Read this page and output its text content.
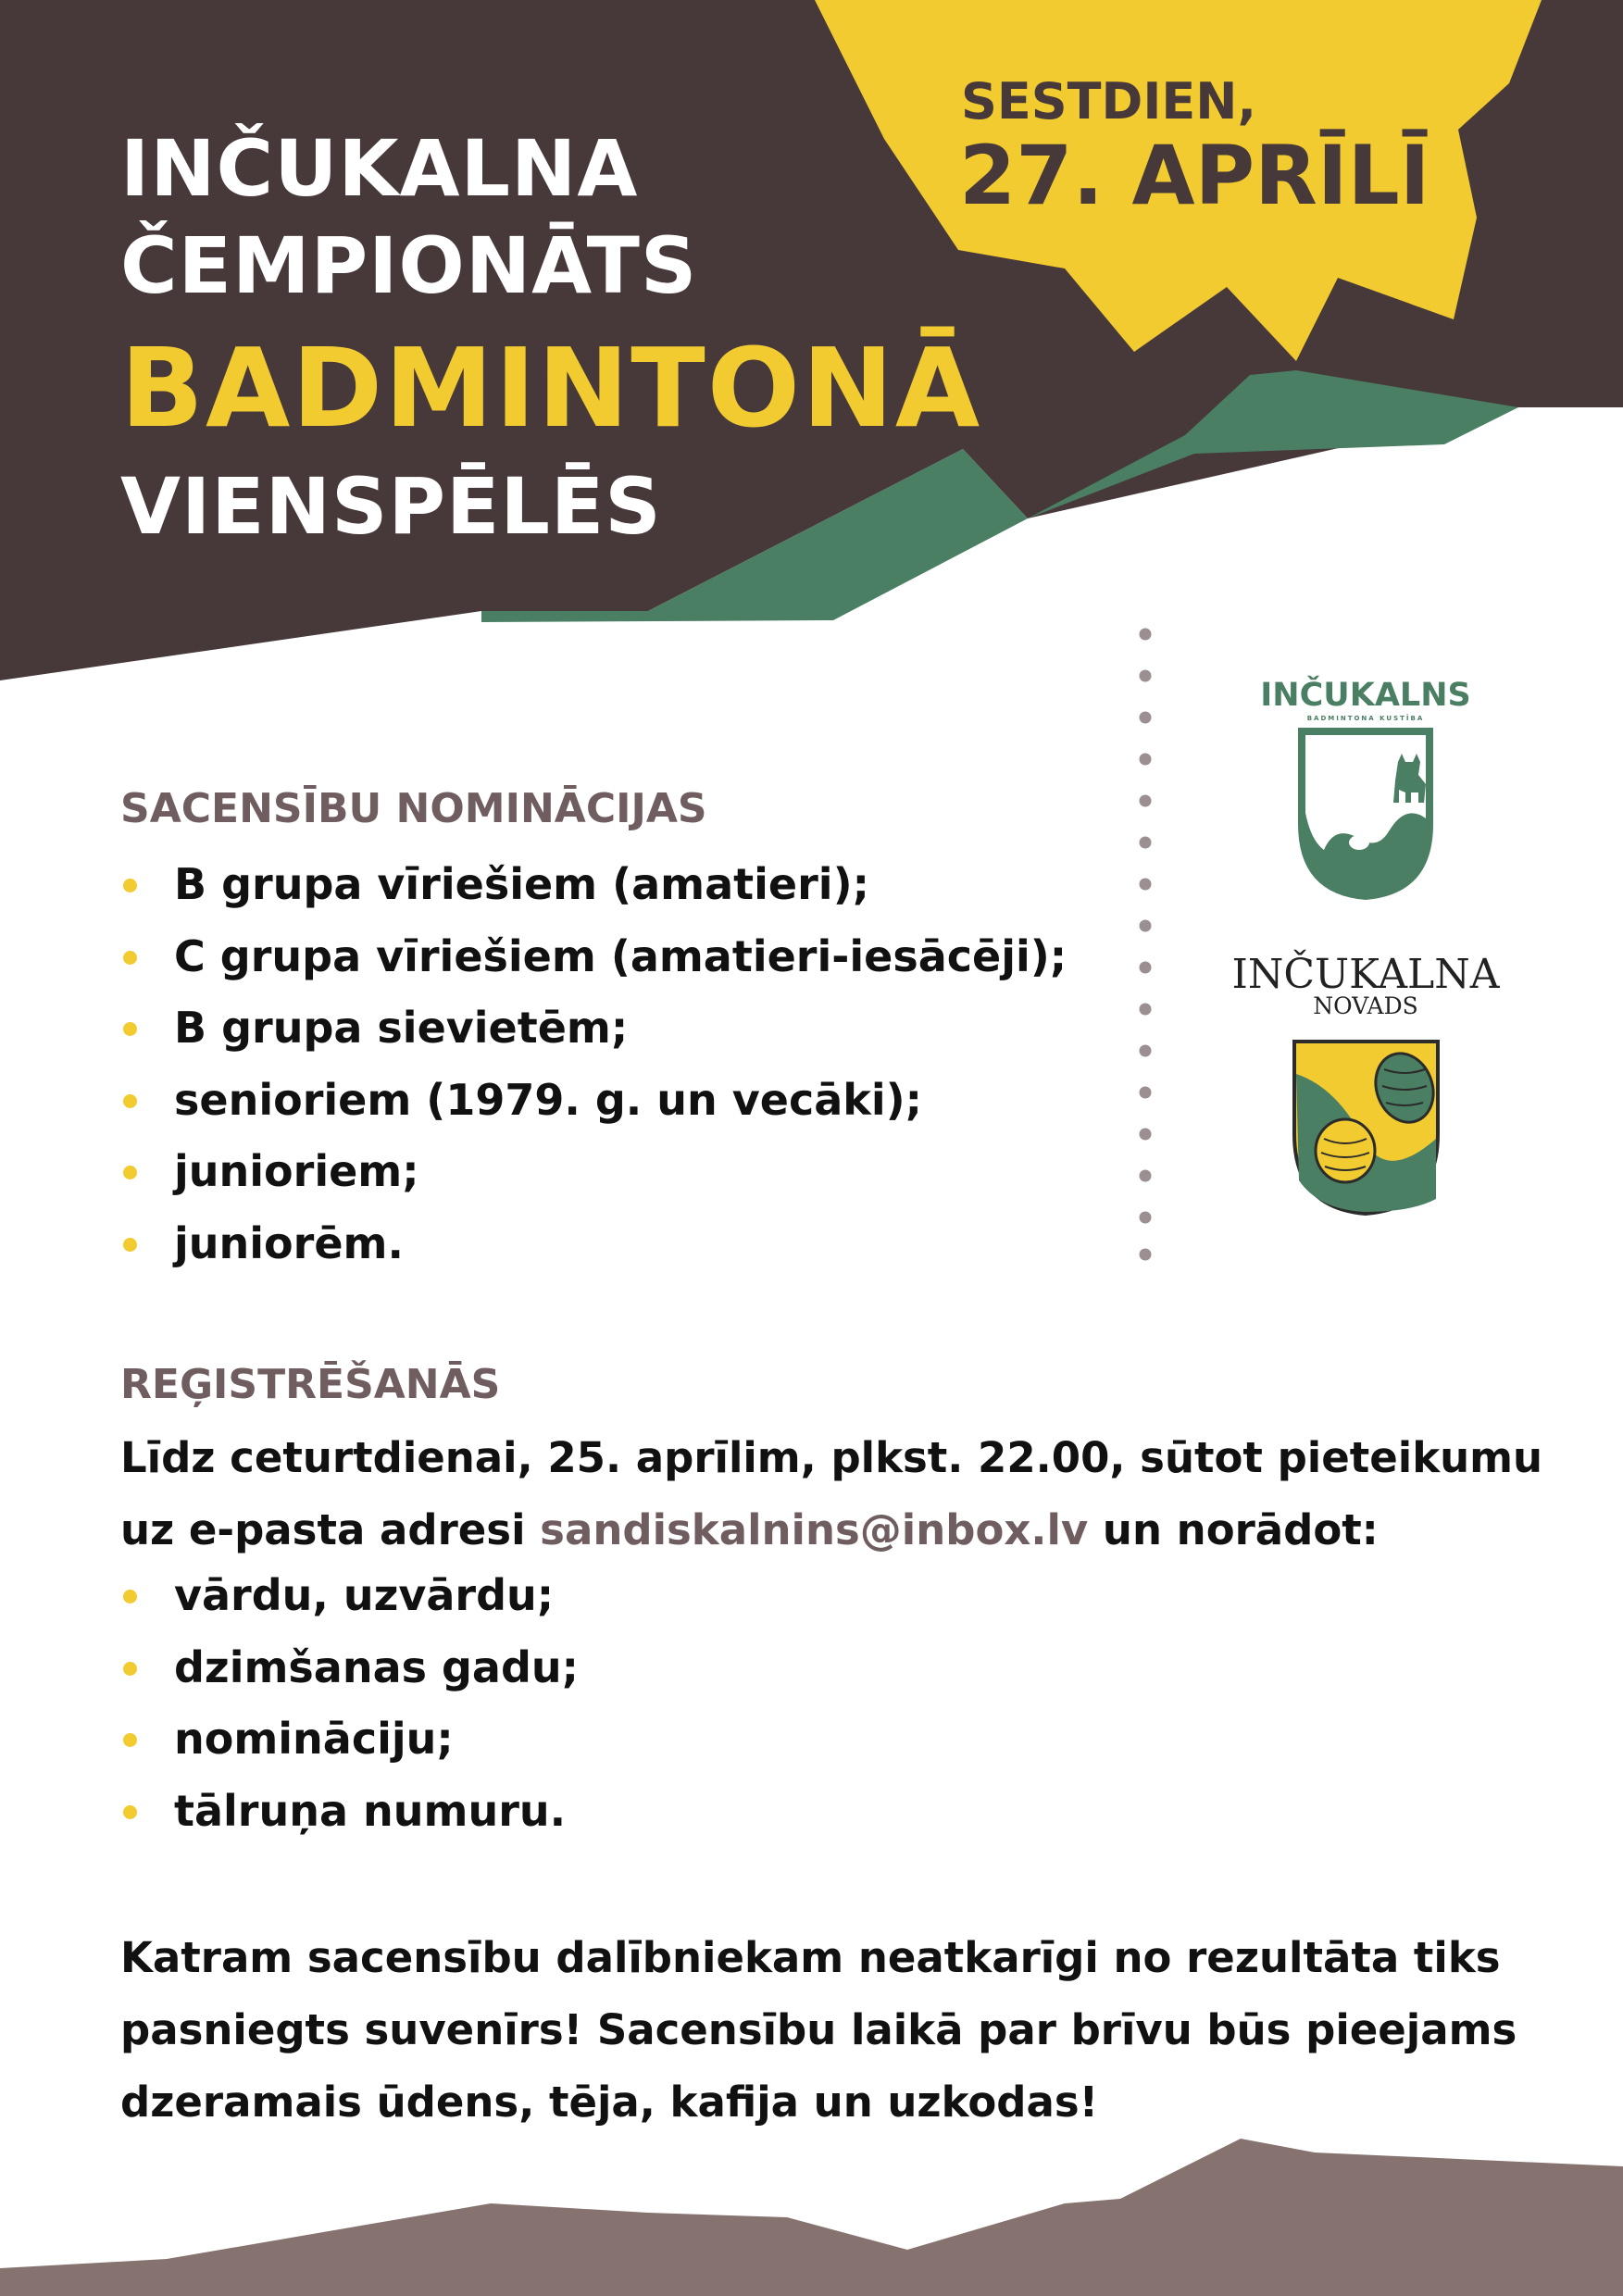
INČUKALNA
ČEMPIONĀTS
BADMINTONĀ
VIENSPĒLĒS
SESTDIEN,
27. APRĪLĪ
SACENSĪBU NOMINĀCIJAS
B grupa vīriešiem (amatieri);
C grupa vīriešiem (amatieri-iesācēji);
B grupa sievietēm;
senioriem (1979. g. un vecāki);
junioriem;
juniorēm.
REĢISTRĒŠANĀS
Līdz ceturtdienai, 25. aprīlim, plkst. 22.00, sūtot pieteikumu
uz e-pasta adresi sandiskalnins@inbox.lv un norādot:
vārdu, uzvārdu;
dzimšanas gadu;
nomināciju;
tālruņa numuru.
Katram sacensību dalībniekam neatkarīgi no rezultāta tiks
pasniegts suvenīrs! Sacensību laikā par brīvu būs pieejams
dzeramais ūdens, tēja, kafija un uzkodas!
INČUKALNS
BADMINTONA KUSTĪBA
INČUKALNA
NOVADS
